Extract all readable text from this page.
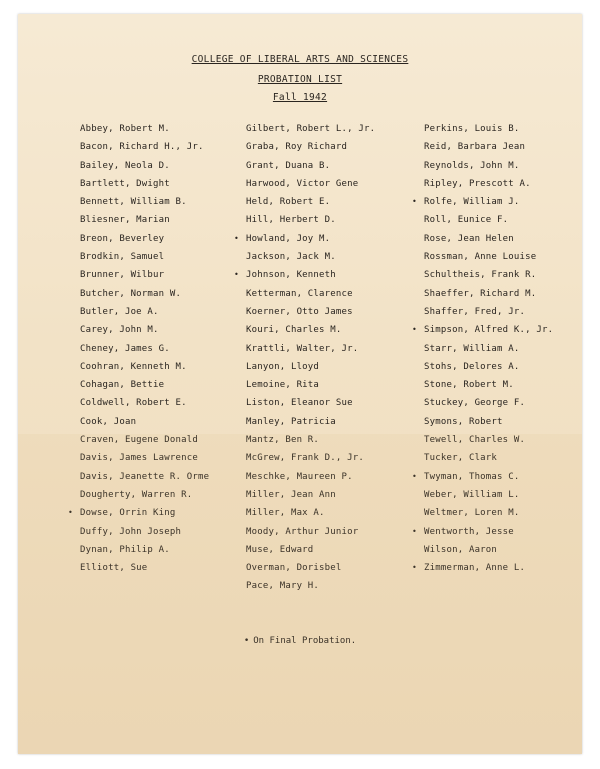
COLLEGE OF LIBERAL ARTS AND SCIENCES
PROBATION LIST
Fall 1942
Abbey, Robert M.
Bacon, Richard H., Jr.
Bailey, Neola D.
Bartlett, Dwight
Bennett, William B.
Bliesner, Marian
Breon, Beverley
Brodkin, Samuel
Brunner, Wilbur
Butcher, Norman W.
Butler, Joe A.
Carey, John M.
Cheney, James G.
Coohran, Kenneth M.
Cohagan, Bettie
Coldwell, Robert E.
Cook, Joan
Craven, Eugene Donald
Davis, James Lawrence
Davis, Jeanette R. Orme
Dougherty, Warren R.
• Dowse, Orrin King
Duffy, John Joseph
Dynan, Philip A.
Elliott, Sue
Gilbert, Robert L., Jr.
Graba, Roy Richard
Grant, Duana B.
Harwood, Victor Gene
Held, Robert E.
Hill, Herbert D.
• Howland, Joy M.
Jackson, Jack M.
• Johnson, Kenneth
Ketterman, Clarence
Koerner, Otto James
Kouri, Charles M.
Krattli, Walter, Jr.
Lanyon, Lloyd
Lemoine, Rita
Liston, Eleanor Sue
Manley, Patricia
Mantz, Ben R.
McGrew, Frank D., Jr.
Meschke, Maureen P.
Miller, Jean Ann
Miller, Max A.
Moody, Arthur Junior
Muse, Edward
Overman, Dorisbel
Pace, Mary H.
Perkins, Louis B.
Reid, Barbara Jean
Reynolds, John M.
Ripley, Prescott A.
• Rolfe, William J.
Roll, Eunice F.
Rose, Jean Helen
Rossman, Anne Louise
Schultheis, Frank R.
Shaeffer, Richard M.
Shaffer, Fred, Jr.
• Simpson, Alfred K., Jr.
Starr, William A.
Stohs, Delores A.
Stone, Robert M.
Stuckey, George F.
Symons, Robert
Tewell, Charles W.
Tucker, Clark
• Twyman, Thomas C.
Weber, William L.
Weltmer, Loren M.
• Wentworth, Jesse
Wilson, Aaron
• Zimmerman, Anne L.
• On Final Probation.
